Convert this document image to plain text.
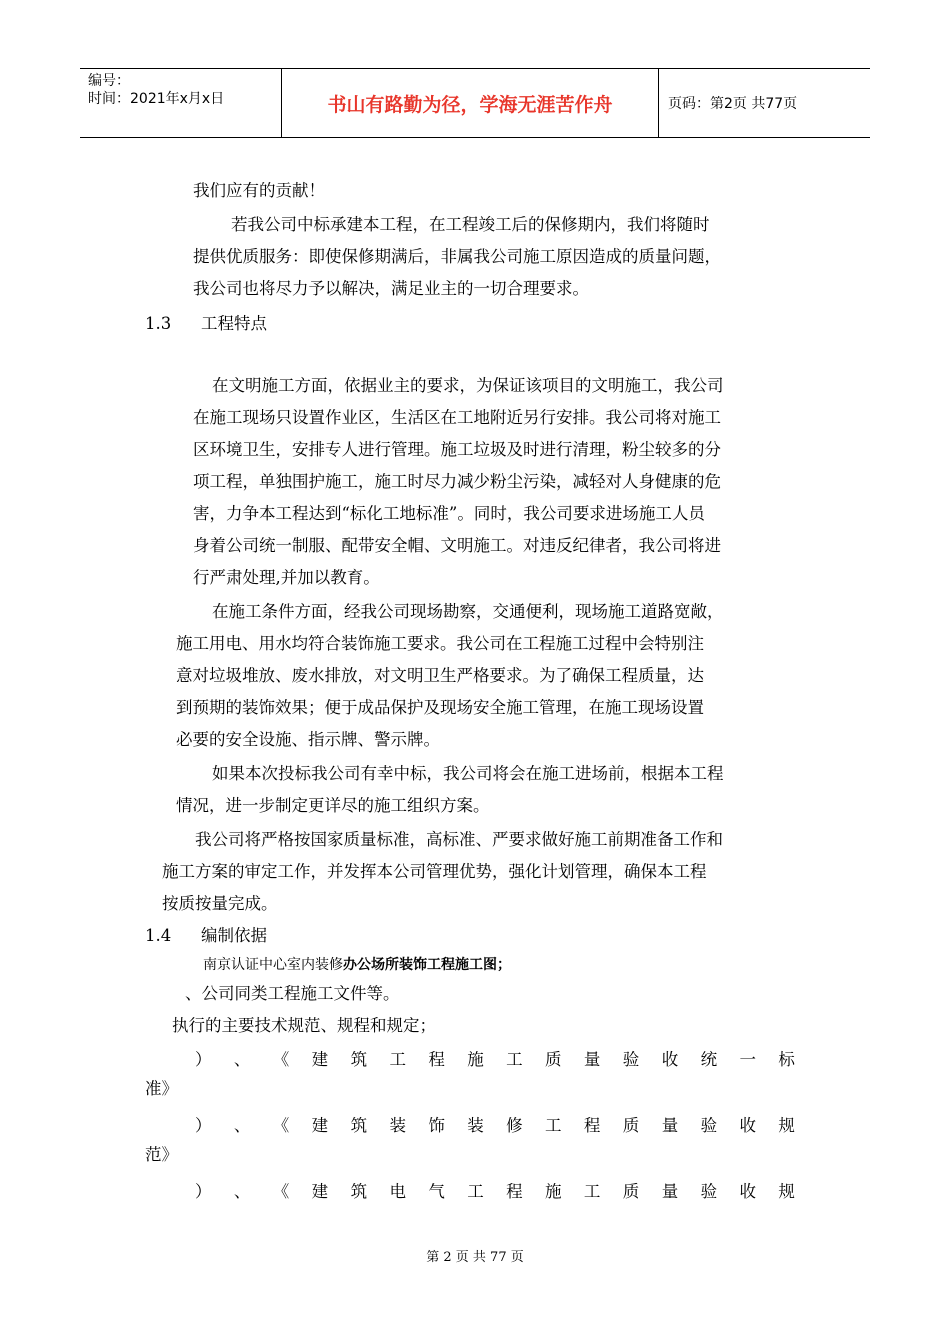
编号：
时间：2021年x月x日	书山有路勤为径，学海无涯苦作舟	页码：第2页 共77页
我们应有的贡献！
若我公司中标承建本工程，在工程竣工后的保修期内，我们将随时
提供优质服务：即使保修期满后，非属我公司施工原因造成的质量问题，
我公司也将尽力予以解决，满足业主的一切合理要求。
1.3 工程特点
在文明施工方面，依据业主的要求，为保证该项目的文明施工，我公司
在施工现场只设置作业区，生活区在工地附近另行安排。我公司将对施工
区环境卫生，安排专人进行管理。施工垃圾及时进行清理，粉尘较多的分
项工程，单独围护施工，施工时尽力减少粉尘污染，减轻对人身健康的危
害，力争本工程达到“标化工地标准”。同时，我公司要求进场施工人员
身着公司统一制服、配带安全帽、文明施工。对违反纪律者，我公司将进
行严肃处理,并加以教育。
在施工条件方面，经我公司现场勘察，交通便利，现场施工道路宽敞，
施工用电、用水均符合装饰施工要求。我公司在工程施工过程中会特别注
意对垃圾堆放、废水排放，对文明卫生严格要求。为了确保工程质量，达
到预期的装饰效果；便于成品保护及现场安全施工管理，在施工现场设置
必要的安全设施、指示牌、警示牌。
如果本次投标我公司有幸中标，我公司将会在施工进场前，根据本工程
情况，进一步制定更详尽的施工组织方案。
我公司将严格按国家质量标准，高标准、严要求做好施工前期准备工作和
施工方案的审定工作，并发挥本公司管理优势，强化计划管理，确保本工程
按质按量完成。
1.4 编制依据
南京认证中心室内装修办公场所装饰工程施工图；
、公司同类工程施工文件等。
执行的主要技术规范、规程和规定；
） 、 《 建 筑 工 程 施 工 质 量 验 收 统 一 标
准》
） 、 《 建 筑 装 饰 装 修 工 程 质 量 验 收 规
范》
） 、 《 建 筑 电 气 工 程 施 工 质 量 验 收 规
第 2 页 共 77 页
